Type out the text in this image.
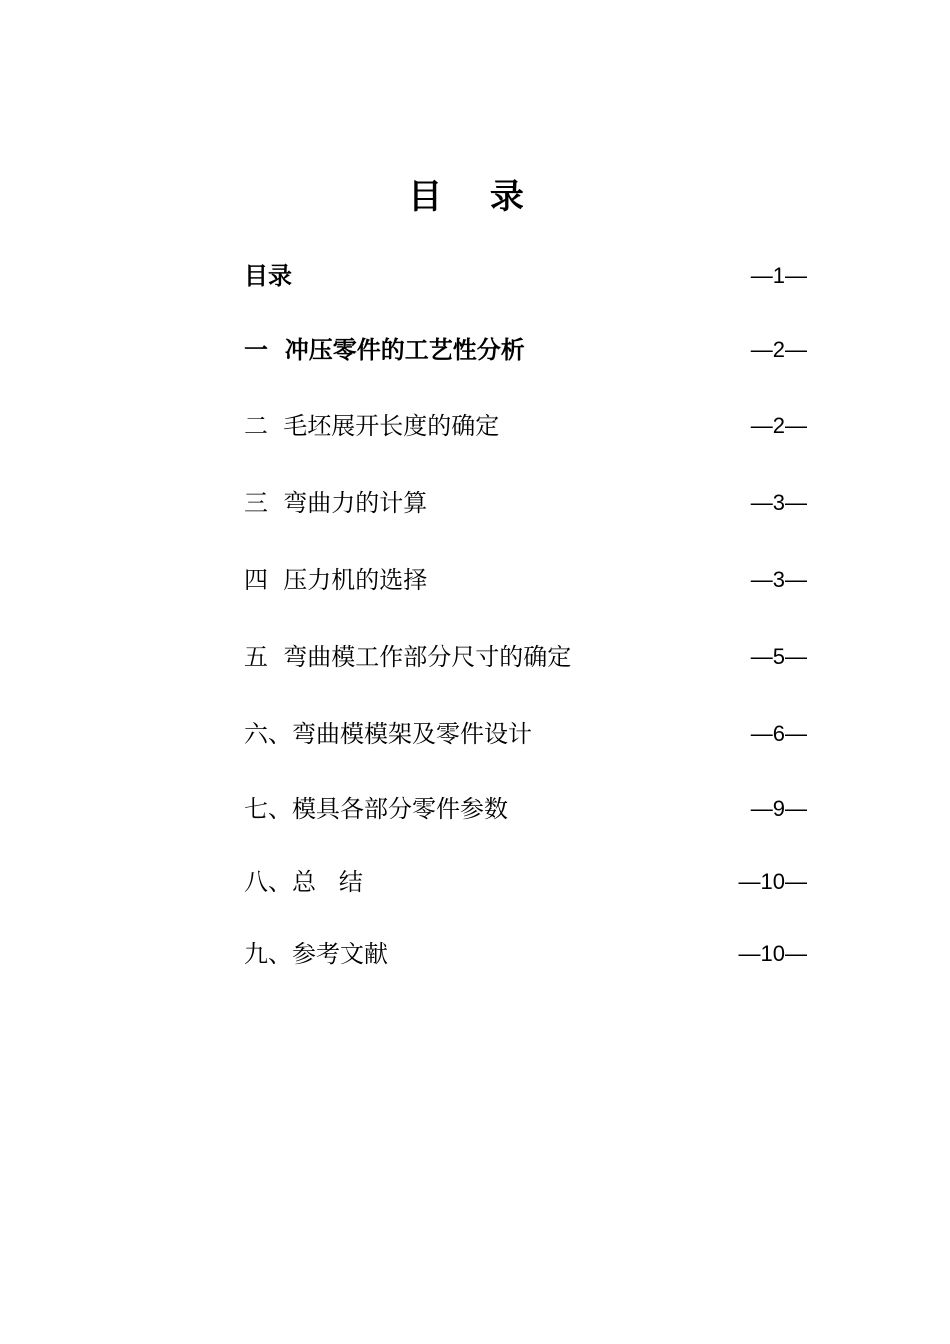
目 录
目录	—1—
一  冲压零件的工艺性分析	—2—
二  毛坯展开长度的确定	—2—
三  弯曲力的计算	—3—
四  压力机的选择	—3—
五  弯曲模工作部分尺寸的确定	—5—
六、弯曲模模架及零件设计	—6—
七、模具各部分零件参数	—9—
八、总   结	—10—
九、参考文献	—10—
